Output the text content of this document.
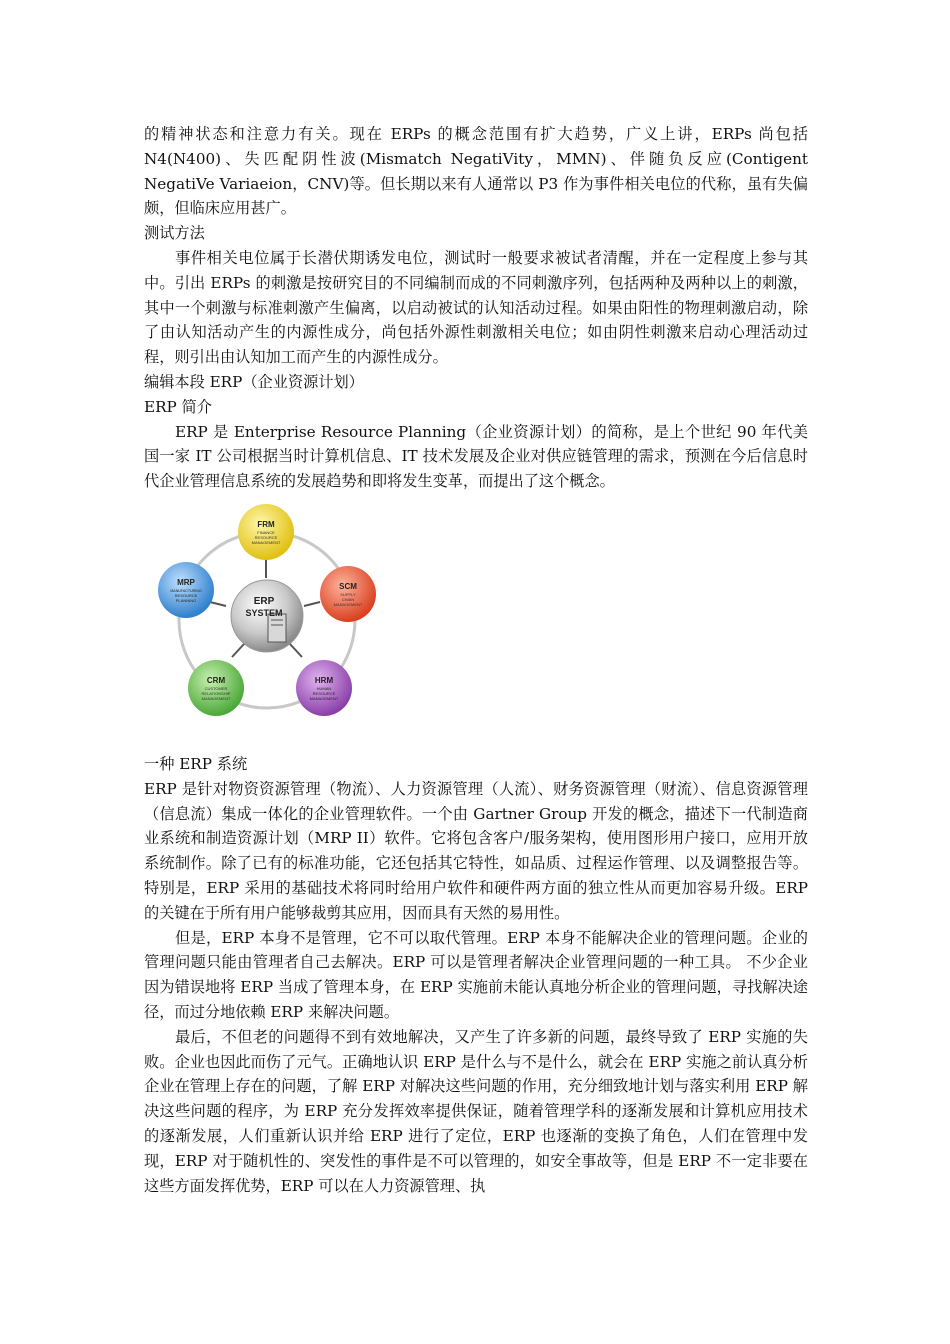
的精神状态和注意力有关。现在 ERPs 的概念范围有扩大趋势，广义上讲，ERPs 尚包括 N4(N400)、失匹配阴性波(Mismatch NegatiVity，MMN)、伴随负反应(Contigent NegatiVe Variaeion，CNV)等。但长期以来有人通常以 P3 作为事件相关电位的代称，虽有失偏颇，但临床应用甚广。

测试方法

事件相关电位属于长潜伏期诱发电位，测试时一般要求被试者清醒，并在一定程度上参与其中。引出 ERPs 的刺激是按研究目的不同编制而成的不同刺激序列，包括两种及两种以上的刺激，其中一个刺激与标准刺激产生偏离，以启动被试的认知活动过程。如果由阳性的物理刺激启动，除了由认知活动产生的内源性成分，尚包括外源性刺激相关电位；如由阴性刺激来启动心理活动过程，则引出由认知加工而产生的内源性成分。

编辑本段 ERP（企业资源计划）

ERP 简介

ERP 是 Enterprise Resource Planning（企业资源计划）的简称，是上个世纪 90 年代美国一家 IT 公司根据当时计算机信息、IT 技术发展及企业对供应链管理的需求，预测在今后信息时代企业管理信息系统的发展趋势和即将发生变革，而提出了这个概念。

ERP
SYSTEM
FRM
FINANCE
RESOURCE
MANAGEMENT
SCM
SUPPLY
CHAIN
MANAGEMENT
HRM
HUMAN
RESOURCE
MANAGEMENT
CRM
CUSTOMER
RELATIONSHIP
MANAGEMENT
MRP
MANUFACTURING
RESOURCE
PLANNING

一种 ERP 系统

ERP 是针对物资资源管理（物流）、人力资源管理（人流）、财务资源管理（财流）、信息资源管理（信息流）集成一体化的企业管理软件。一个由 Gartner Group 开发的概念，描述下一代制造商业系统和制造资源计划（MRP II）软件。它将包含客户/服务架构，使用图形用户接口，应用开放系统制作。除了已有的标准功能，它还包括其它特性，如品质、过程运作管理、以及调整报告等。特别是，ERP 采用的基础技术将同时给用户软件和硬件两方面的独立性从而更加容易升级。ERP 的关键在于所有用户能够裁剪其应用，因而具有天然的易用性。

但是，ERP 本身不是管理，它不可以取代管理。ERP 本身不能解决企业的管理问题。企业的管理问题只能由管理者自己去解决。ERP 可以是管理者解决企业管理问题的一种工具。 不少企业因为错误地将 ERP 当成了管理本身，在 ERP 实施前未能认真地分析企业的管理问题，寻找解决途径，而过分地依赖 ERP 来解决问题。

最后，不但老的问题得不到有效地解决，又产生了许多新的问题，最终导致了 ERP 实施的失败。企业也因此而伤了元气。正确地认识 ERP 是什么与不是什么，就会在 ERP 实施之前认真分析企业在管理上存在的问题，了解 ERP 对解决这些问题的作用，充分细致地计划与落实利用 ERP 解决这些问题的程序，为 ERP 充分发挥效率提供保证，随着管理学科的逐渐发展和计算机应用技术的逐渐发展，人们重新认识并给 ERP 进行了定位，ERP 也逐渐的变换了角色，人们在管理中发现，ERP 对于随机性的、突发性的事件是不可以管理的，如安全事故等，但是 ERP 不一定非要在这些方面发挥优势，ERP 可以在人力资源管理、执
